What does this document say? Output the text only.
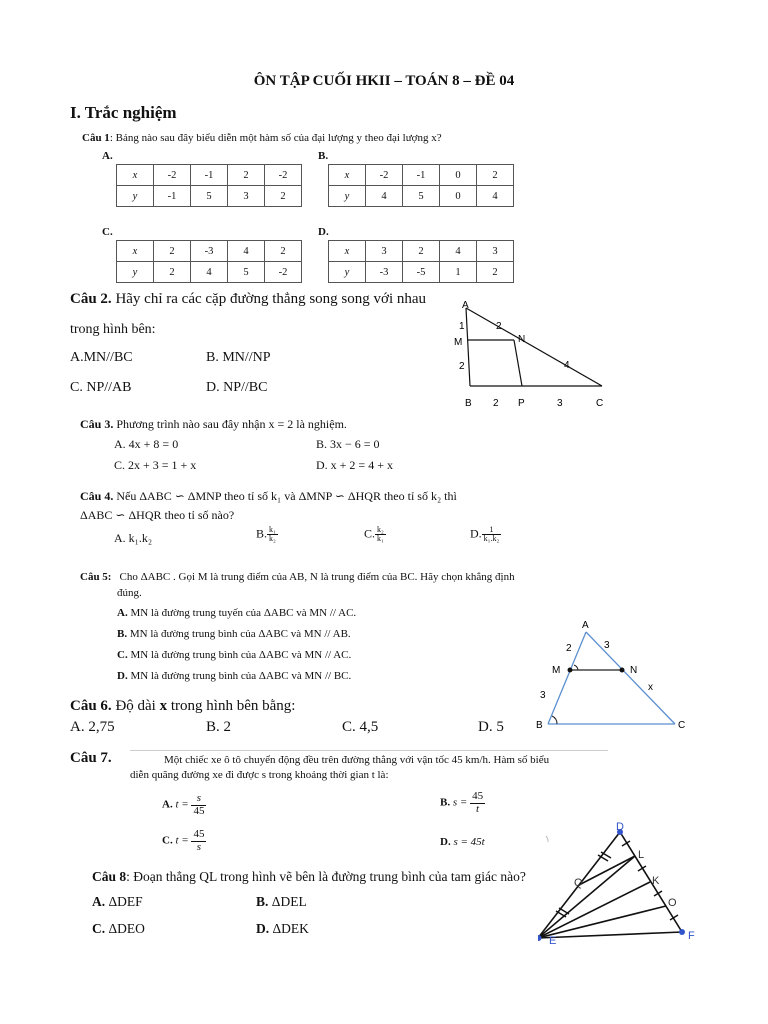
ÔN TẬP CUỐI HKII – TOÁN 8 – ĐỀ 04
I. Trắc nghiệm
Câu 1: Bảng nào sau đây biểu diễn một hàm số của đại lượng y theo đại lượng x?
A.	B.
C.	D.
x	-2	-1	2	-2
y	-1	5	3	2
x	-2	-1	0	2
y	4	5	0	4
x	2	-3	4	2
y	2	4	5	-2
x	3	2	4	3
y	-3	-5	1	2
Câu 2. Hãy chỉ ra các cặp đường thẳng song song với nhau
trong hình bên:
A.MN//BC	B. MN//NP
C. NP//AB	D. NP//BC
A
M	N
B	P	C
1	2
2	4
2	3
Câu 3. Phương trình nào sau đây nhận x = 2 là nghiệm.
A. 4x + 8 = 0	B. 3x − 6 = 0
C. 2x + 3 = 1 + x	D. x + 2 = 4 + x
Câu 4. Nếu ΔABC ∽ ΔMNP theo tỉ số k₁ và ΔMNP ∽ ΔHQR theo tỉ số k₂ thì
ΔABC ∽ ΔHQR theo tỉ số nào?
A. k₁.k₂	B. $\frac{\text{k₁}}{\text{k₂}}$	C. $\frac{\text{k₂}}{\text{k₁}}$	D. $\frac{1}{\text{k₁.k₂}}$
Câu 5: Cho ΔABC . Gọi M là trung điểm của AB, N là trung điểm của BC. Hãy chọn khẳng định
đúng.
A. MN là đường trung tuyến của ΔABC và MN // AC.
B. MN là đường trung bình của ΔABC và MN // AB.
C. MN là đường trung bình của ΔABC và MN // AC.
D. MN là đường trung bình của ΔABC và MN // BC.
A
M	N
B	C
2	3
3
x
Câu 6. Độ dài x trong hình bên bằng:
A. 2,75	B. 2	C. 4,5	D. 5
Câu 7.	Một chiếc xe ô tô chuyển động đều trên đường thẳng với vận tốc 45 km/h. Hàm số biểu
diễn quãng đường xe đi được s trong khoảng thời gian t là:
A. $t = \frac{s}{45}$	B. $s = \frac{45}{t}$
C. $t = \frac{45}{s}$	D. s = 45t
Câu 8: Đoạn thẳng QL trong hình vẽ bên là đường trung bình của tam giác nào?
A. ΔDEF	B. ΔDEL
C. ΔDEO	D. ΔDEK
D
L
Q	K
O
E	F
